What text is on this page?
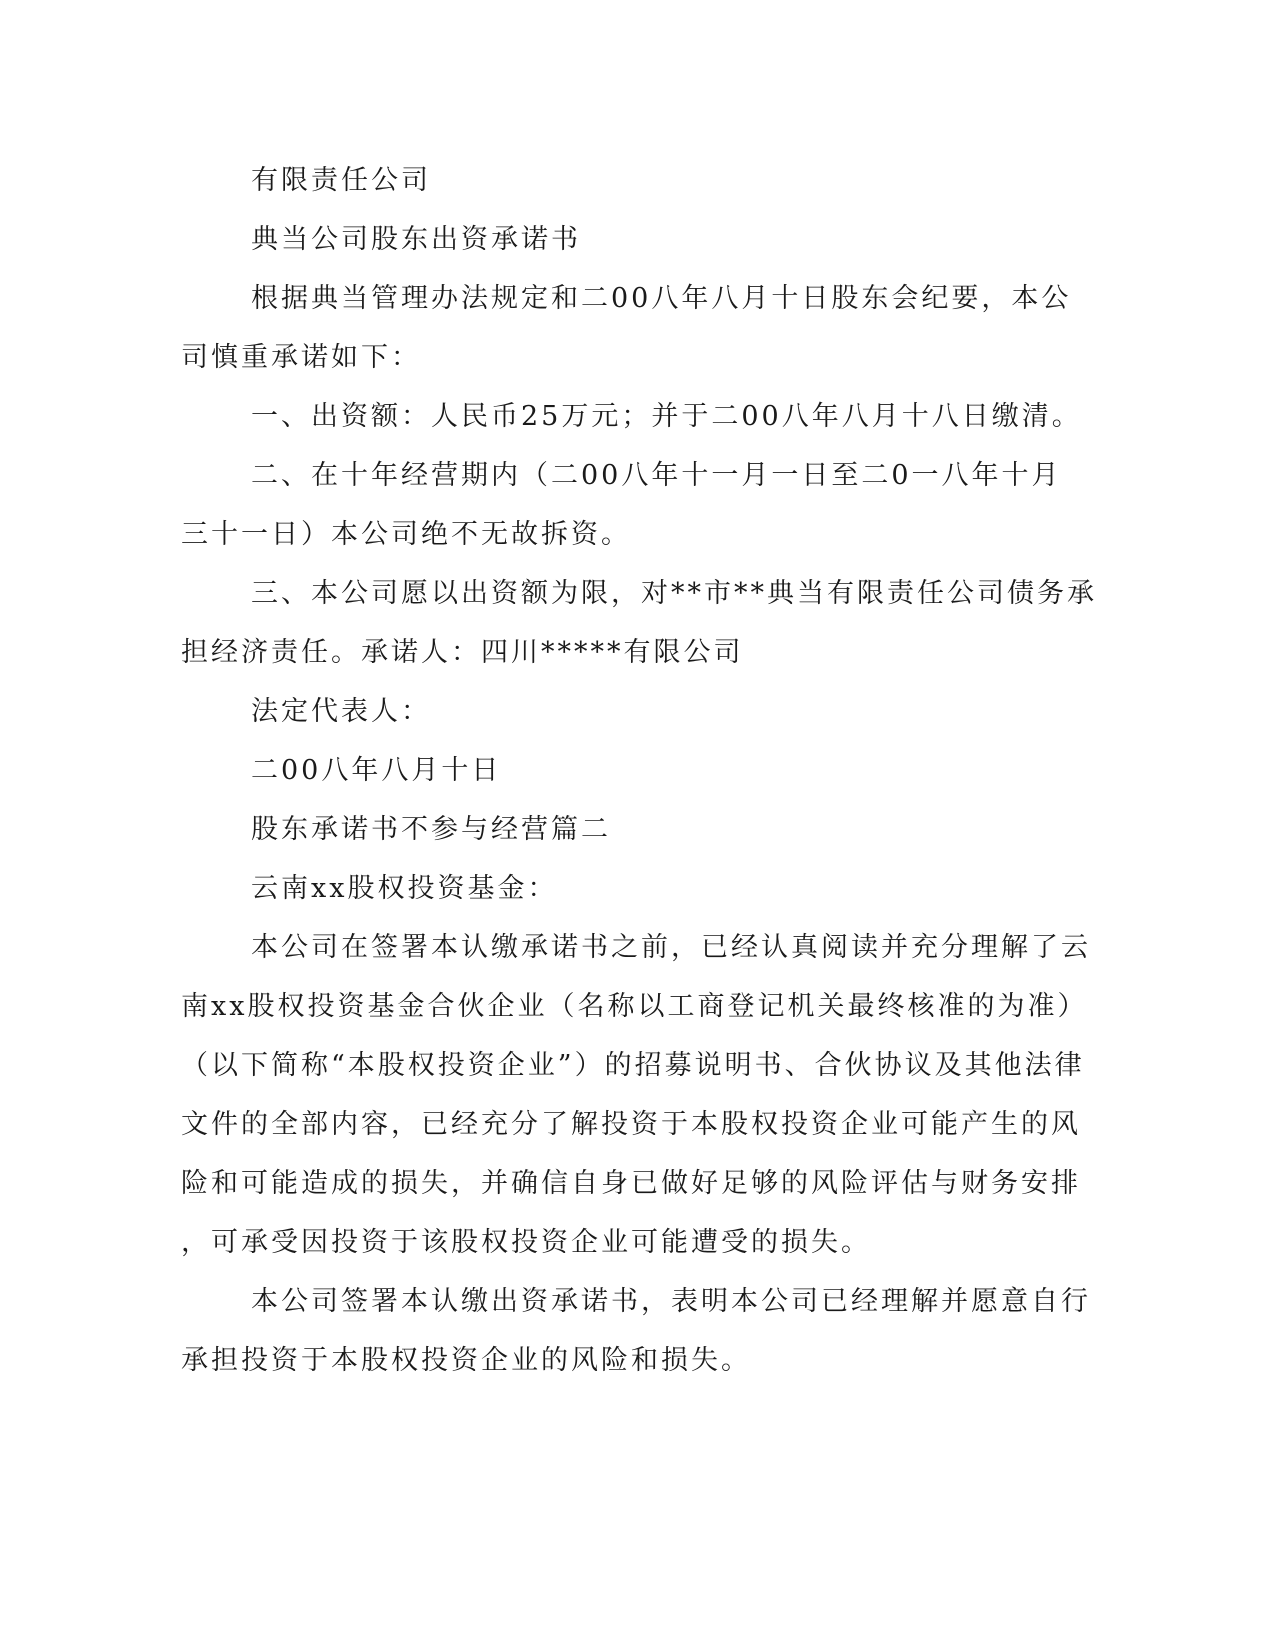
有限责任公司
典当公司股东出资承诺书
根据典当管理办法规定和二00八年八月十日股东会纪要，本公
司慎重承诺如下：
一、出资额：人民币25万元；并于二00八年八月十八日缴清。
二、在十年经营期内（二00八年十一月一日至二0一八年十月
三十一日）本公司绝不无故拆资。
三、本公司愿以出资额为限，对**市**典当有限责任公司债务承
担经济责任。承诺人：四川*****有限公司
法定代表人：
二00八年八月十日
股东承诺书不参与经营篇二
云南xx股权投资基金：
本公司在签署本认缴承诺书之前，已经认真阅读并充分理解了云
南xx股权投资基金合伙企业（名称以工商登记机关最终核准的为准）
（以下简称“本股权投资企业”）的招募说明书、合伙协议及其他法律
文件的全部内容，已经充分了解投资于本股权投资企业可能产生的风
险和可能造成的损失，并确信自身已做好足够的风险评估与财务安排
，可承受因投资于该股权投资企业可能遭受的损失。
本公司签署本认缴出资承诺书，表明本公司已经理解并愿意自行
承担投资于本股权投资企业的风险和损失。
